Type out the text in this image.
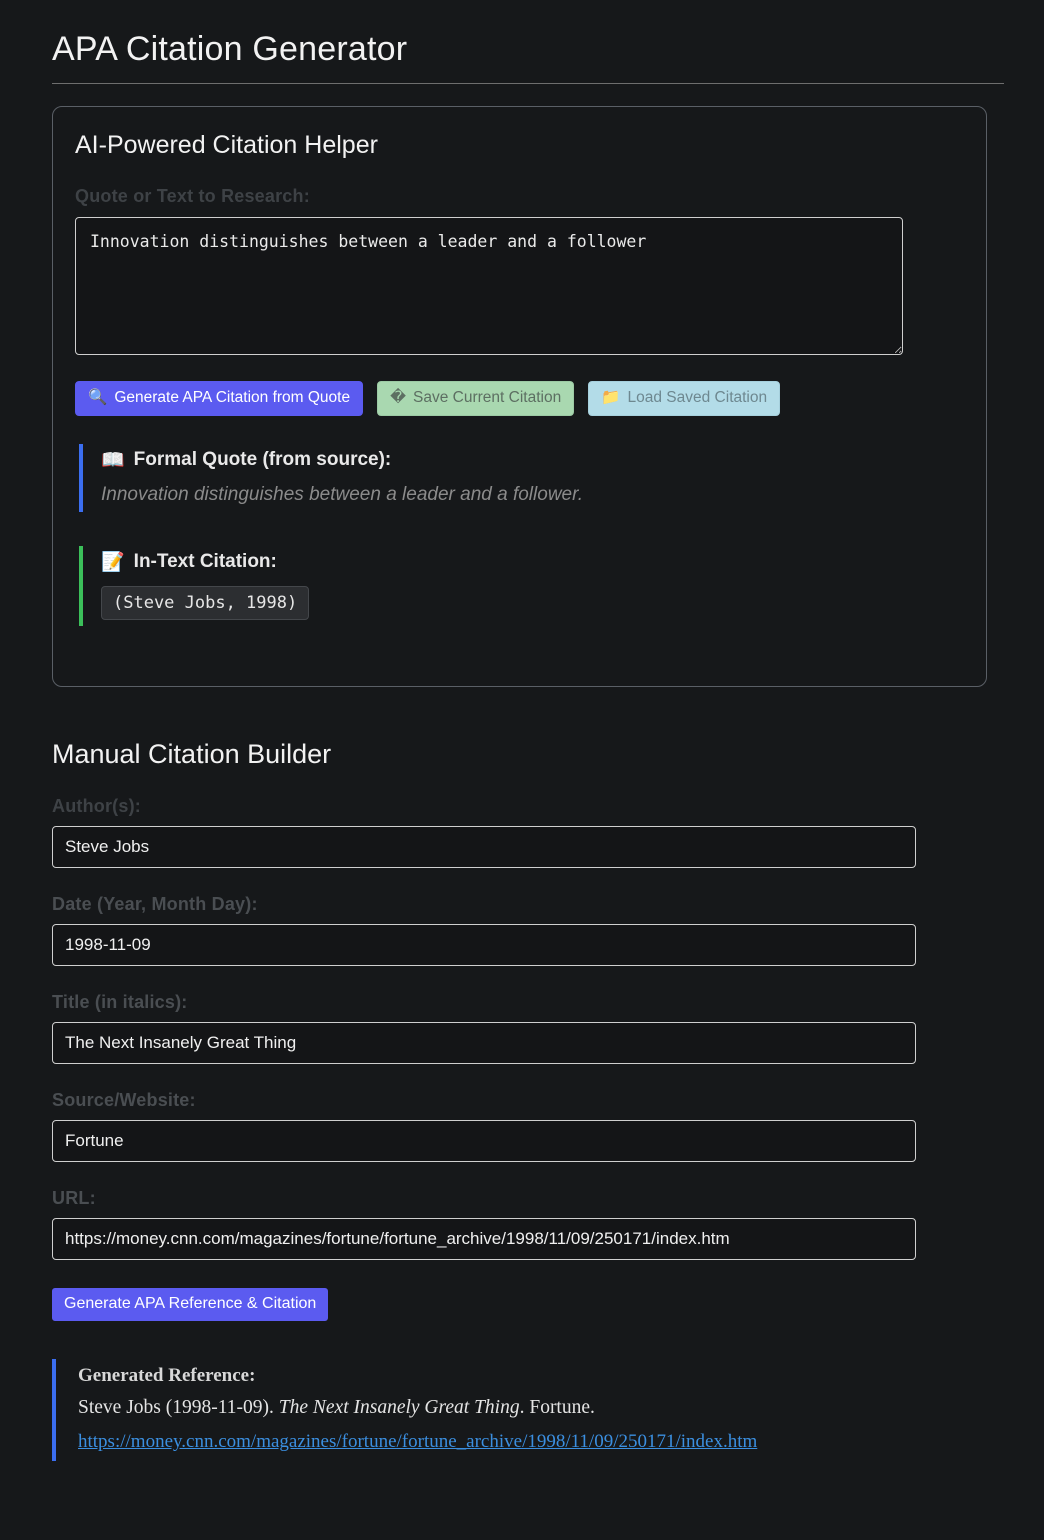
APA Citation Generator
AI-Powered Citation Helper
Quote or Text to Research:
Innovation distinguishes between a leader and a follower
🔍 Generate APA Citation from Quote	� Save Current Citation	📁 Load Saved Citation
📖 Formal Quote (from source):

Innovation distinguishes between a leader and a follower.

📝 In-Text Citation:
(Steve Jobs, 1998)
Manual Citation Builder
Author(s):
Steve Jobs
Date (Year, Month Day):
1998-11-09
Title (in italics):
The Next Insanely Great Thing
Source/Website:
Fortune
URL:
https://money.cnn.com/magazines/fortune/fortune_archive/1998/11/09/250171/index.htm
Generate APA Reference & Citation
Generated Reference:
Steve Jobs (1998-11-09). The Next Insanely Great Thing. Fortune.
https://money.cnn.com/magazines/fortune/fortune_archive/1998/11/09/250171/index.htm
